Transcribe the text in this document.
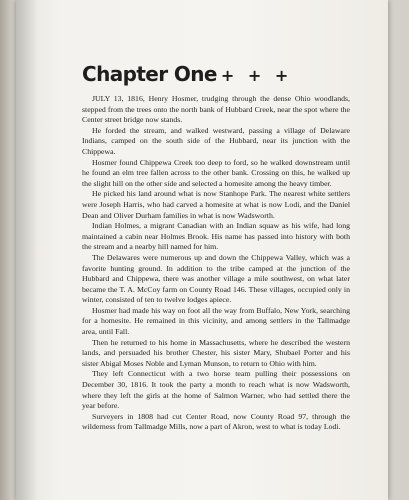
Chapter One + + +

JULY 13, 1816, Henry Hosmer, trudging through the dense Ohio woodlands, stepped from the trees onto the north bank of Hubbard Creek, near the spot where the Center street bridge now stands.

He forded the stream, and walked westward, passing a village of Delaware Indians, camped on the south side of the Hubbard, near its junction with the Chippewa.

Hosmer found Chippewa Creek too deep to ford, so he walked downstream until he found an elm tree fallen across to the other bank. Crossing on this, he walked up the slight hill on the other side and selected a homesite among the heavy timber.

He picked his land around what is now Stanhope Park. The nearest white settlers were Joseph Harris, who had carved a homesite at what is now Lodi, and the Daniel Dean and Oliver Durham families in what is now Wadsworth.

Indian Holmes, a migrant Canadian with an Indian squaw as his wife, had long maintained a cabin near Holmes Brook. His name has passed into history with both the stream and a nearby hill named for him.

The Delawares were numerous up and down the Chippewa Valley, which was a favorite hunting ground. In addition to the tribe camped at the junction of the Hubbard and Chippewa, there was another village a mile southwest, on what later became the T. A. McCoy farm on County Road 146. These villages, occupied only in winter, consisted of ten to twelve lodges apiece.

Hosmer had made his way on foot all the way from Buffalo, New York, searching for a homesite. He remained in this vicinity, and among settlers in the Tallmadge area, until Fall.

Then he returned to his home in Massachusetts, where he described the western lands, and persuaded his brother Chester, his sister Mary, Shubael Porter and his sister Abigal Moses Noble and Lyman Munson, to return to Ohio with him.

They left Connecticut with a two horse team pulling their possessions on December 30, 1816. It took the party a month to reach what is now Wadsworth, where they left the girls at the home of Salmon Warner, who had settled there the year before.

Surveyers in 1808 had cut Center Road, now County Road 97, through the wilderness from Tallmadge Mills, now a part of Akron, west to what is today Lodi.
